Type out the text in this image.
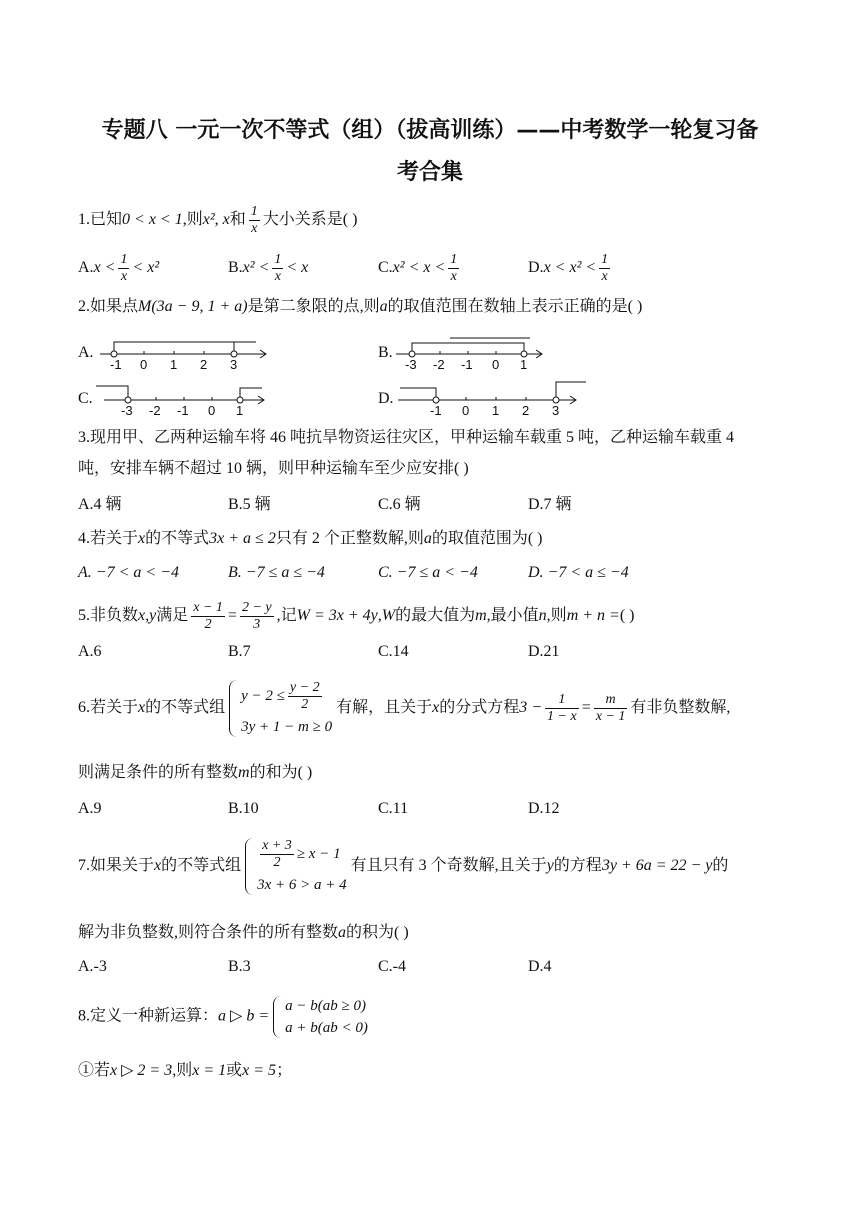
专题八 一元一次不等式（组）（拔高训练）——中考数学一轮复习备
考合集
1.已知0 < x < 1,则x², x和 $\frac{1}{x}$ 大小关系是( )
$A.x < \frac{1}{x} < x^2$	$B.x^2 < \frac{1}{x} < x$	$C.x^2 < x < \frac{1}{x}$	$D.x < x^2 < \frac{1}{x}$
2.如果点M(3a − 9, 1 + a)是第二象限的点,则a的取值范围在数轴上表示正确的是( )
A.
-1 0 1 2 3
B.
-3 -2 -1 0 1
C.
-3 -2 -1 0 1
D.
-1 0 1 2 3
3.现用甲、乙两种运输车将 46 吨抗旱物资运往灾区，甲种运输车载重 5 吨，乙种运输车载重 4
吨，安排车辆不超过 10 辆，则甲种运输车至少应安排( )
A.4 辆	B.5 辆	C.6 辆	D.7 辆
4.若关于x的不等式3x + a ≤ 2只有 2 个正整数解,则a的取值范围为( )
A. −7 < a < −4	B. −7 ≤ a ≤ −4	C. −7 ≤ a < −4	D. −7 < a ≤ −4
5.非负数x,y满足 $\frac{x - 1}{2} = \frac{2 - y}{3}$ ,记W = 3x + 4y,W的最大值为m,最小值n,则m + n =( )
A.6	B.7	C.14	D.21
6.若关于x的不等式组
$y - 2 \le \frac{y - 2}{2}$
3y + 1 − m ≥ 0
有解，且关于x的分式方程$3 - \frac{1}{1 - x} = \frac{m}{x - 1}$ 有非负整数解,
则满足条件的所有整数m的和为( )
A.9	B.10	C.11	D.12
7.如果关于x的不等式组 $\frac{x + 3}{2} \ge x - 1$
3x + 6 > a + 4
有且只有 3 个奇数解,且关于y的方程3y + 6a = 22 − y的
解为非负整数,则符合条件的所有整数a的积为( )
A.-3	B.3	C.-4	D.4
8.定义一种新运算：a ▷ b =
a − b(ab ≥ 0)
a + b(ab < 0)
①若x ▷ 2 = 3,则x = 1或x = 5；
